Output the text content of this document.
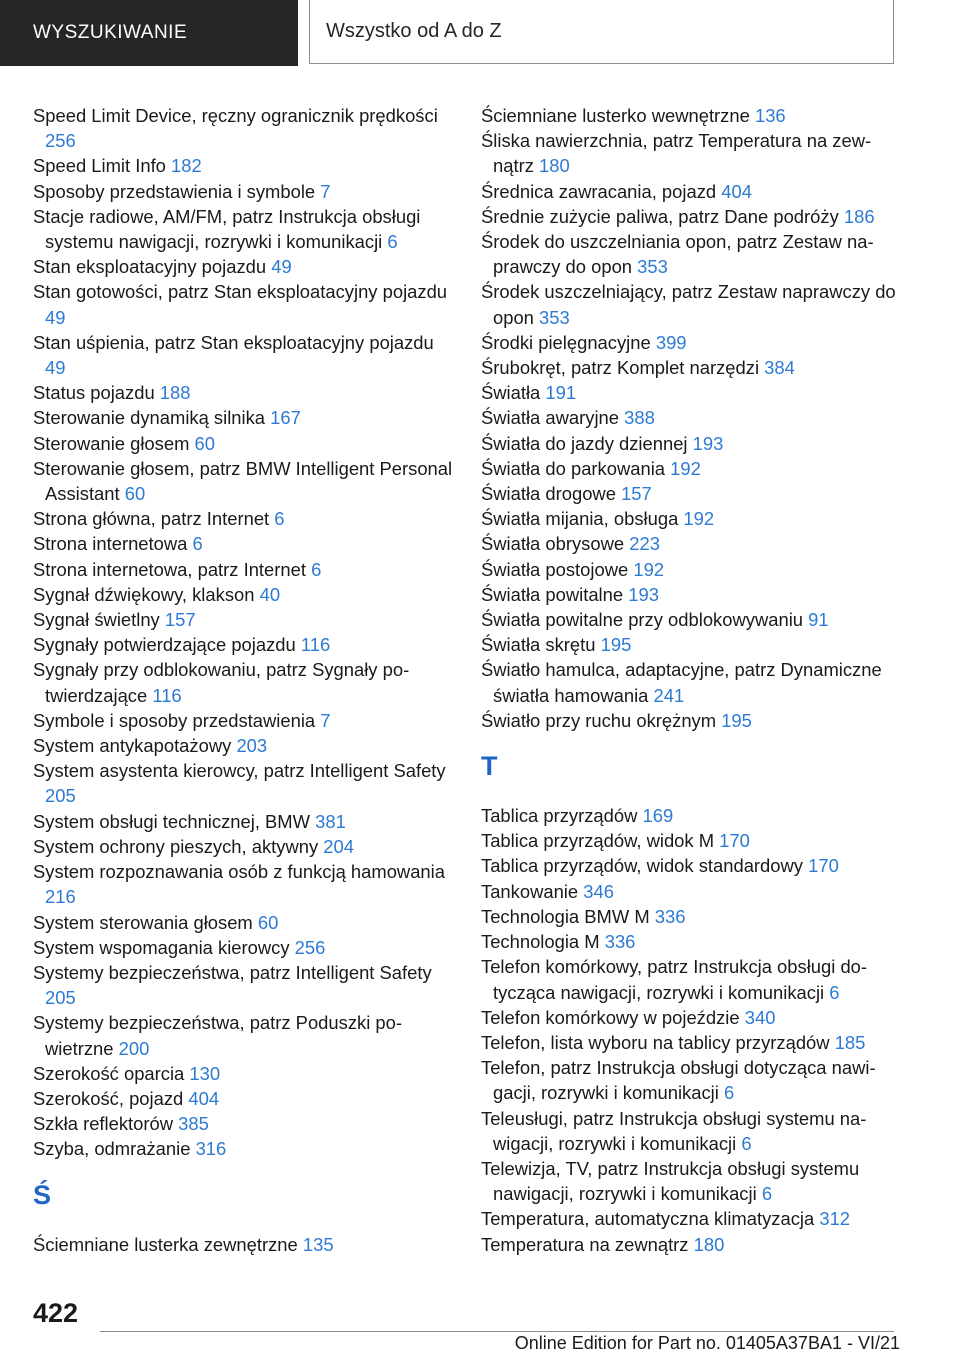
WYSZUKIWANIE	Wszystko od A do Z
Speed Limit Device, ręczny ogranicznik prędkości 256
Speed Limit Info 182
Sposoby przedstawienia i symbole 7
Stacje radiowe, AM/FM, patrz Instrukcja obsługi systemu nawigacji, rozrywki i komunikacji 6
Stan eksploatacyjny pojazdu 49
Stan gotowości, patrz Stan eksploatacyjny pojazdu 49
Stan uśpienia, patrz Stan eksploatacyjny pojazdu 49
Status pojazdu 188
Sterowanie dynamiką silnika 167
Sterowanie głosem 60
Sterowanie głosem, patrz BMW Intelligent Personal Assistant 60
Strona główna, patrz Internet 6
Strona internetowa 6
Strona internetowa, patrz Internet 6
Sygnał dźwiękowy, klakson 40
Sygnał świetlny 157
Sygnały potwierdzające pojazdu 116
Sygnały przy odblokowaniu, patrz Sygnały potwierdzające 116
Symbole i sposoby przedstawienia 7
System antykapotażowy 203
System asystenta kierowcy, patrz Intelligent Safety 205
System obsługi technicznej, BMW 381
System ochrony pieszych, aktywny 204
System rozpoznawania osób z funkcją hamowania 216
System sterowania głosem 60
System wspomagania kierowcy 256
Systemy bezpieczeństwa, patrz Intelligent Safety 205
Systemy bezpieczeństwa, patrz Poduszki powietrzne 200
Szerokość oparcia 130
Szerokość, pojazd 404
Szkła reflektorów 385
Szyba, odmrażanie 316
Ś
Ściemniane lusterka zewnętrzne 135
Ściemniane lusterko wewnętrzne 136
Śliska nawierzchnia, patrz Temperatura na zewnątrz 180
Średnica zawracania, pojazd 404
Średnie zużycie paliwa, patrz Dane podróży 186
Środek do uszczelniania opon, patrz Zestaw naprawczy do opon 353
Środek uszczelniający, patrz Zestaw naprawczy do opon 353
Środki pielęgnacyjne 399
Śrubokręt, patrz Komplet narzędzi 384
Światła 191
Światła awaryjne 388
Światła do jazdy dziennej 193
Światła do parkowania 192
Światła drogowe 157
Światła mijania, obsługa 192
Światła obrysowe 223
Światła postojowe 192
Światła powitalne 193
Światła powitalne przy odblokowywaniu 91
Światła skrętu 195
Światło hamulca, adaptacyjne, patrz Dynamiczne światła hamowania 241
Światło przy ruchu okrężnym 195
T
Tablica przyrządów 169
Tablica przyrządów, widok M 170
Tablica przyrządów, widok standardowy 170
Tankowanie 346
Technologia BMW M 336
Technologia M 336
Telefon komórkowy, patrz Instrukcja obsługi dotycząca nawigacji, rozrywki i komunikacji 6
Telefon komórkowy w pojeździe 340
Telefon, lista wyboru na tablicy przyrządów 185
Telefon, patrz Instrukcja obsługi dotycząca nawigacji, rozrywki i komunikacji 6
Teleusługi, patrz Instrukcja obsługi systemu nawigacji, rozrywki i komunikacji 6
Telewizja, TV, patrz Instrukcja obsługi systemu nawigacji, rozrywki i komunikacji 6
Temperatura, automatyczna klimatyzacja 312
Temperatura na zewnątrz 180
422
Online Edition for Part no. 01405A37BA1 - VI/21
